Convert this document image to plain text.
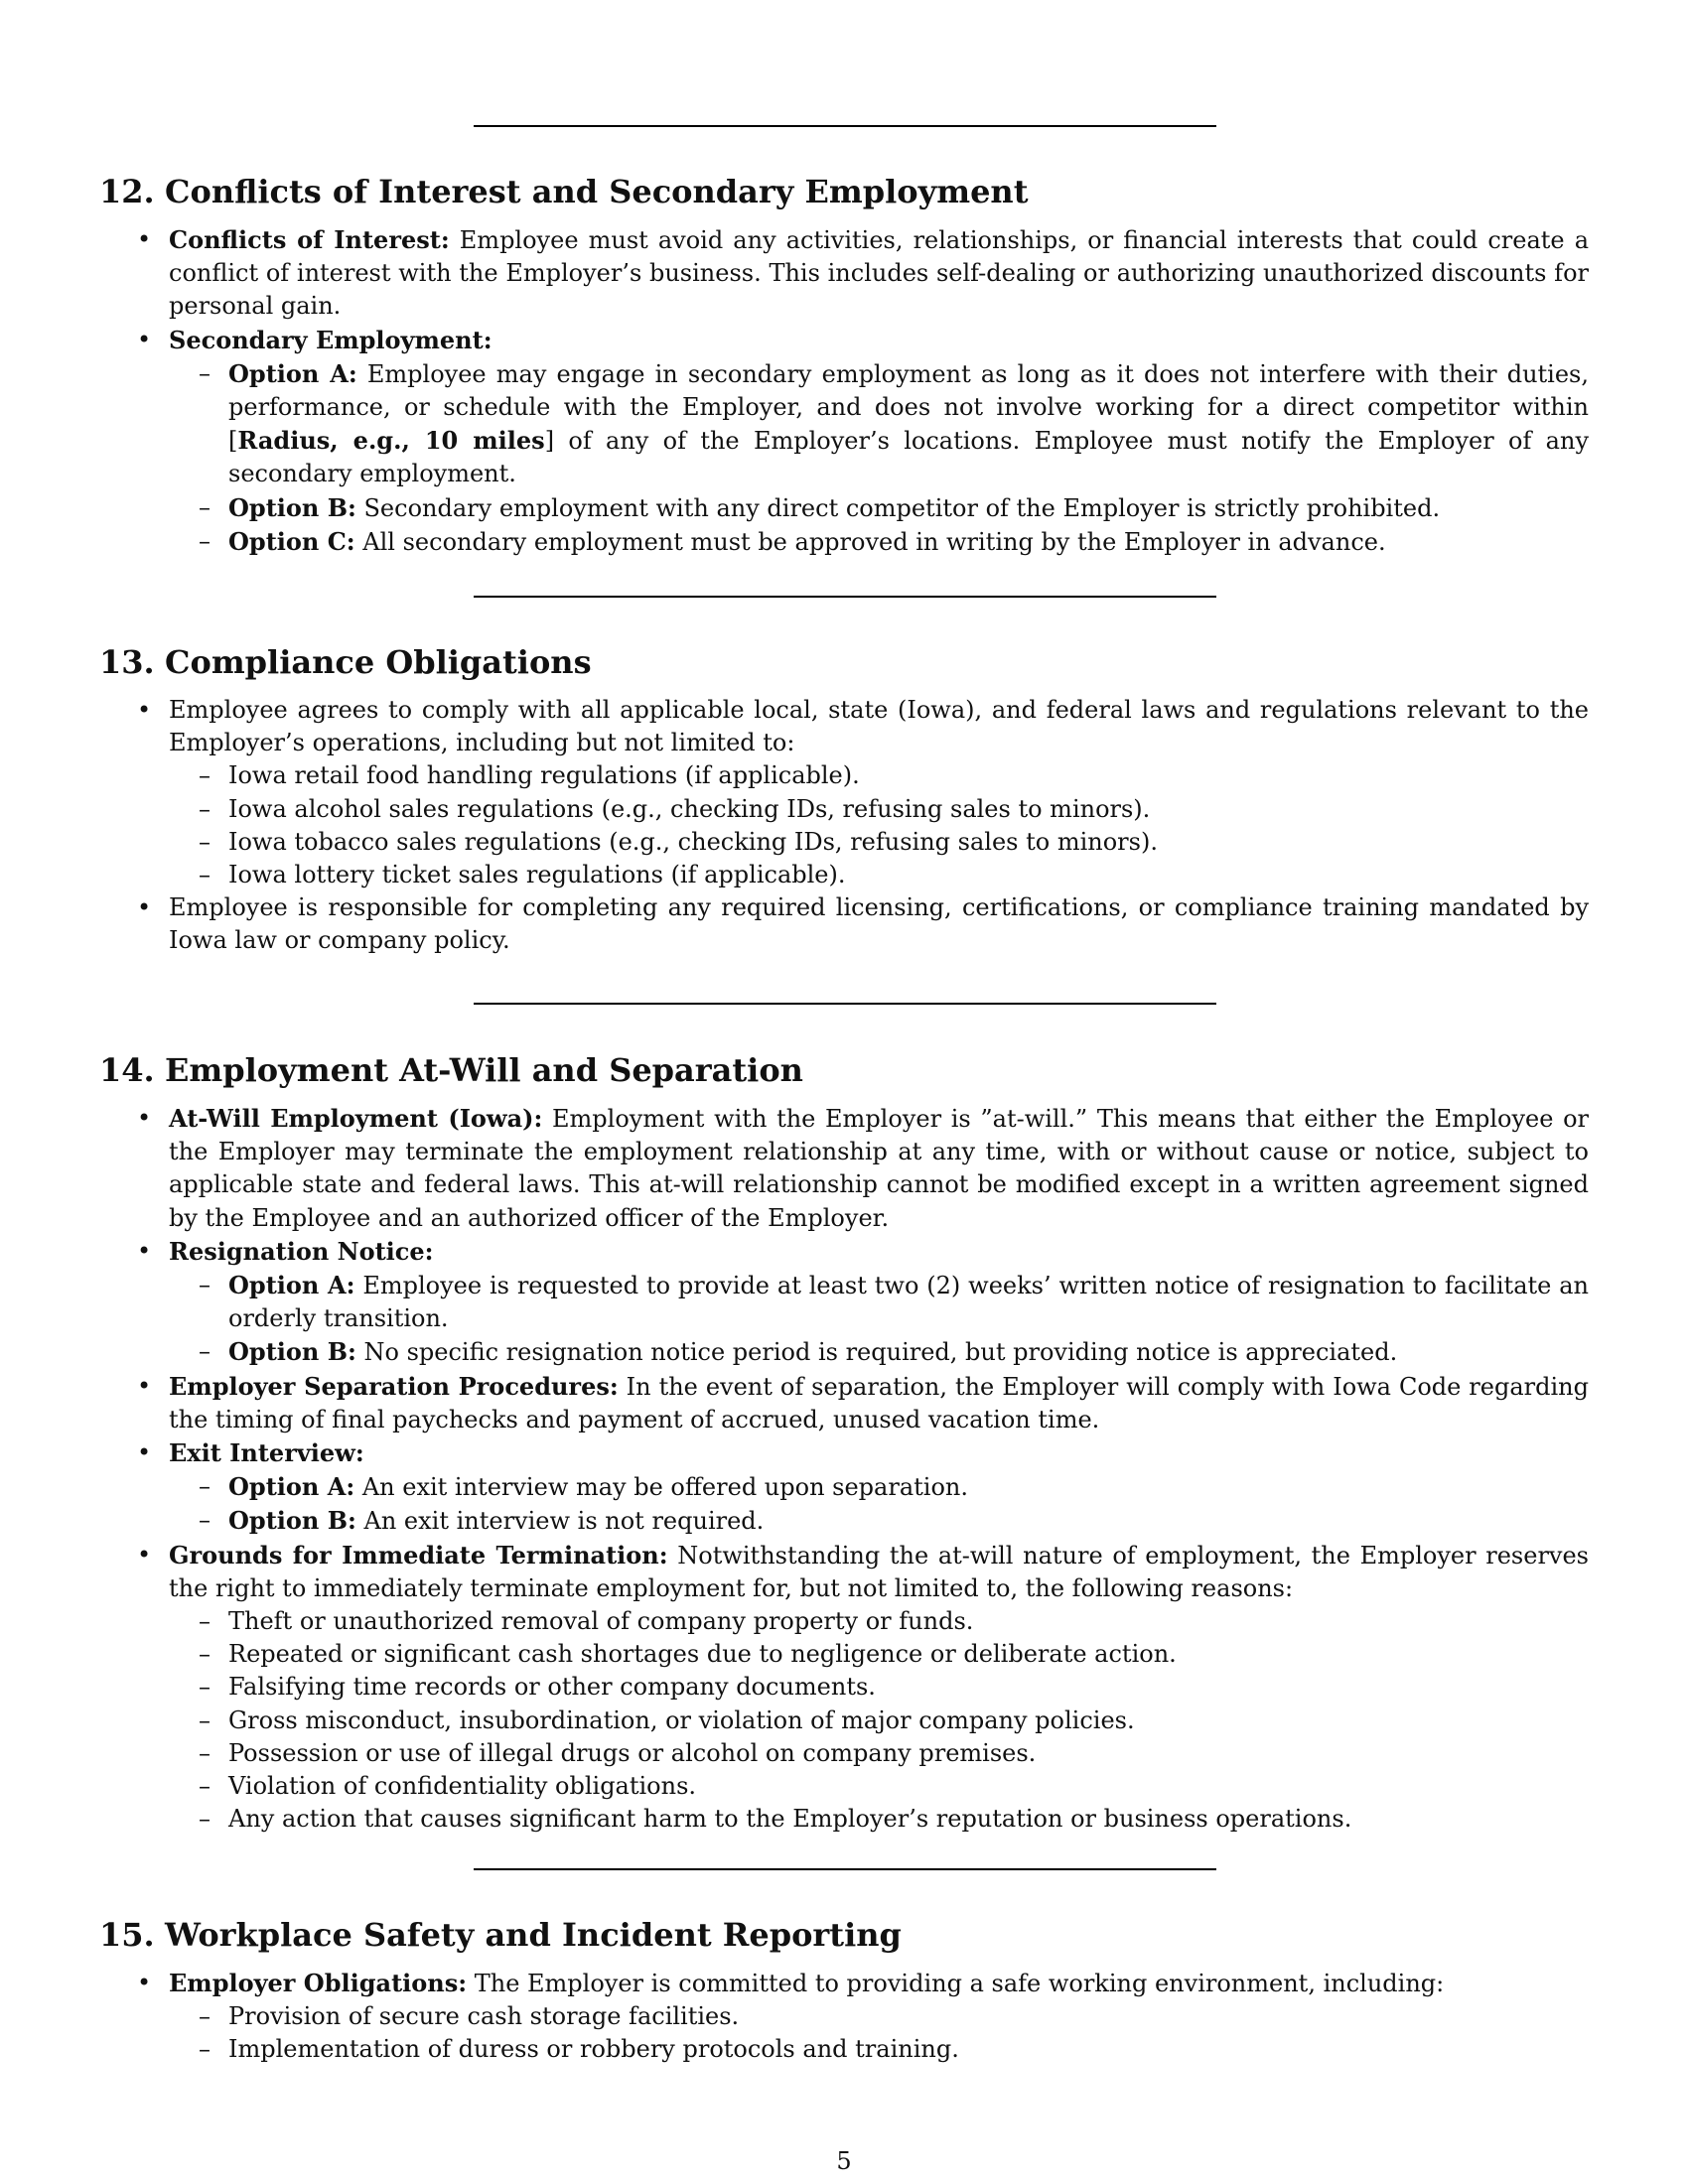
12. Conflicts of Interest and Secondary Employment
• Conflicts of Interest: Employee must avoid any activities, relationships, or financial interests that could create a conflict of interest with the Employer’s business. This includes self-dealing or authorizing unauthorized discounts for personal gain.
• Secondary Employment:
– Option A: Employee may engage in secondary employment as long as it does not interfere with their duties, performance, or schedule with the Employer, and does not involve working for a direct competitor within [Radius, e.g., 10 miles] of any of the Employer’s locations. Employee must notify the Employer of any secondary employment.
– Option B: Secondary employment with any direct competitor of the Employer is strictly prohibited.
– Option C: All secondary employment must be approved in writing by the Employer in advance.
13. Compliance Obligations
• Employee agrees to comply with all applicable local, state (Iowa), and federal laws and regulations relevant to the Employer’s operations, including but not limited to:
– Iowa retail food handling regulations (if applicable).
– Iowa alcohol sales regulations (e.g., checking IDs, refusing sales to minors).
– Iowa tobacco sales regulations (e.g., checking IDs, refusing sales to minors).
– Iowa lottery ticket sales regulations (if applicable).
• Employee is responsible for completing any required licensing, certifications, or compliance training mandated by Iowa law or company policy.
14. Employment At-Will and Separation
• At-Will Employment (Iowa): Employment with the Employer is ”at-will.” This means that either the Employee or the Employer may terminate the employment relationship at any time, with or without cause or notice, subject to applicable state and federal laws. This at-will relationship cannot be modified except in a written agreement signed by the Employee and an authorized officer of the Employer.
• Resignation Notice:
– Option A: Employee is requested to provide at least two (2) weeks’ written notice of resignation to facilitate an orderly transition.
– Option B: No specific resignation notice period is required, but providing notice is appreciated.
• Employer Separation Procedures: In the event of separation, the Employer will comply with Iowa Code regarding the timing of final paychecks and payment of accrued, unused vacation time.
• Exit Interview:
– Option A: An exit interview may be offered upon separation.
– Option B: An exit interview is not required.
• Grounds for Immediate Termination: Notwithstanding the at-will nature of employment, the Employer reserves the right to immediately terminate employment for, but not limited to, the following reasons:
– Theft or unauthorized removal of company property or funds.
– Repeated or significant cash shortages due to negligence or deliberate action.
– Falsifying time records or other company documents.
– Gross misconduct, insubordination, or violation of major company policies.
– Possession or use of illegal drugs or alcohol on company premises.
– Violation of confidentiality obligations.
– Any action that causes significant harm to the Employer’s reputation or business operations.
15. Workplace Safety and Incident Reporting
• Employer Obligations: The Employer is committed to providing a safe working environment, including:
– Provision of secure cash storage facilities.
– Implementation of duress or robbery protocols and training.
5
